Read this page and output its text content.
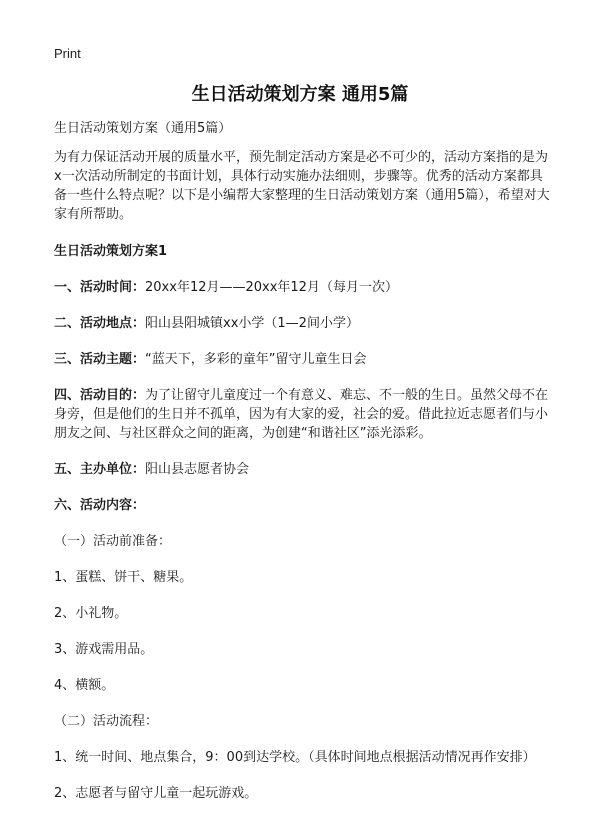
Print
生日活动策划方案 通用5篇

生日活动策划方案（通用5篇）

为有力保证活动开展的质量水平，预先制定活动方案是必不可少的，活动方案指的是为x一次活动所制定的书面计划，具体行动实施办法细则，步骤等。优秀的活动方案都具备一些什么特点呢？以下是小编帮大家整理的生日活动策划方案（通用5篇），希望对大家有所帮助。

生日活动策划方案1

一、活动时间：20xx年12月——20xx年12月（每月一次）

二、活动地点：阳山县阳城镇xx小学（1—2间小学）

三、活动主题：“蓝天下，多彩的童年”留守儿童生日会

四、活动目的：为了让留守儿童度过一个有意义、难忘、不一般的生日。虽然父母不在身旁，但是他们的生日并不孤单，因为有大家的爱，社会的爱。借此拉近志愿者们与小朋友之间、与社区群众之间的距离，为创建“和谐社区”添光添彩。

五、主办单位：阳山县志愿者协会

六、活动内容：

（一）活动前准备：

1、蛋糕、饼干、糖果。

2、小礼物。

3、游戏需用品。

4、横额。

（二）活动流程：

1、统一时间、地点集合，9：00到达学校。（具体时间地点根据活动情况再作安排）

2、志愿者与留守儿童一起玩游戏。
